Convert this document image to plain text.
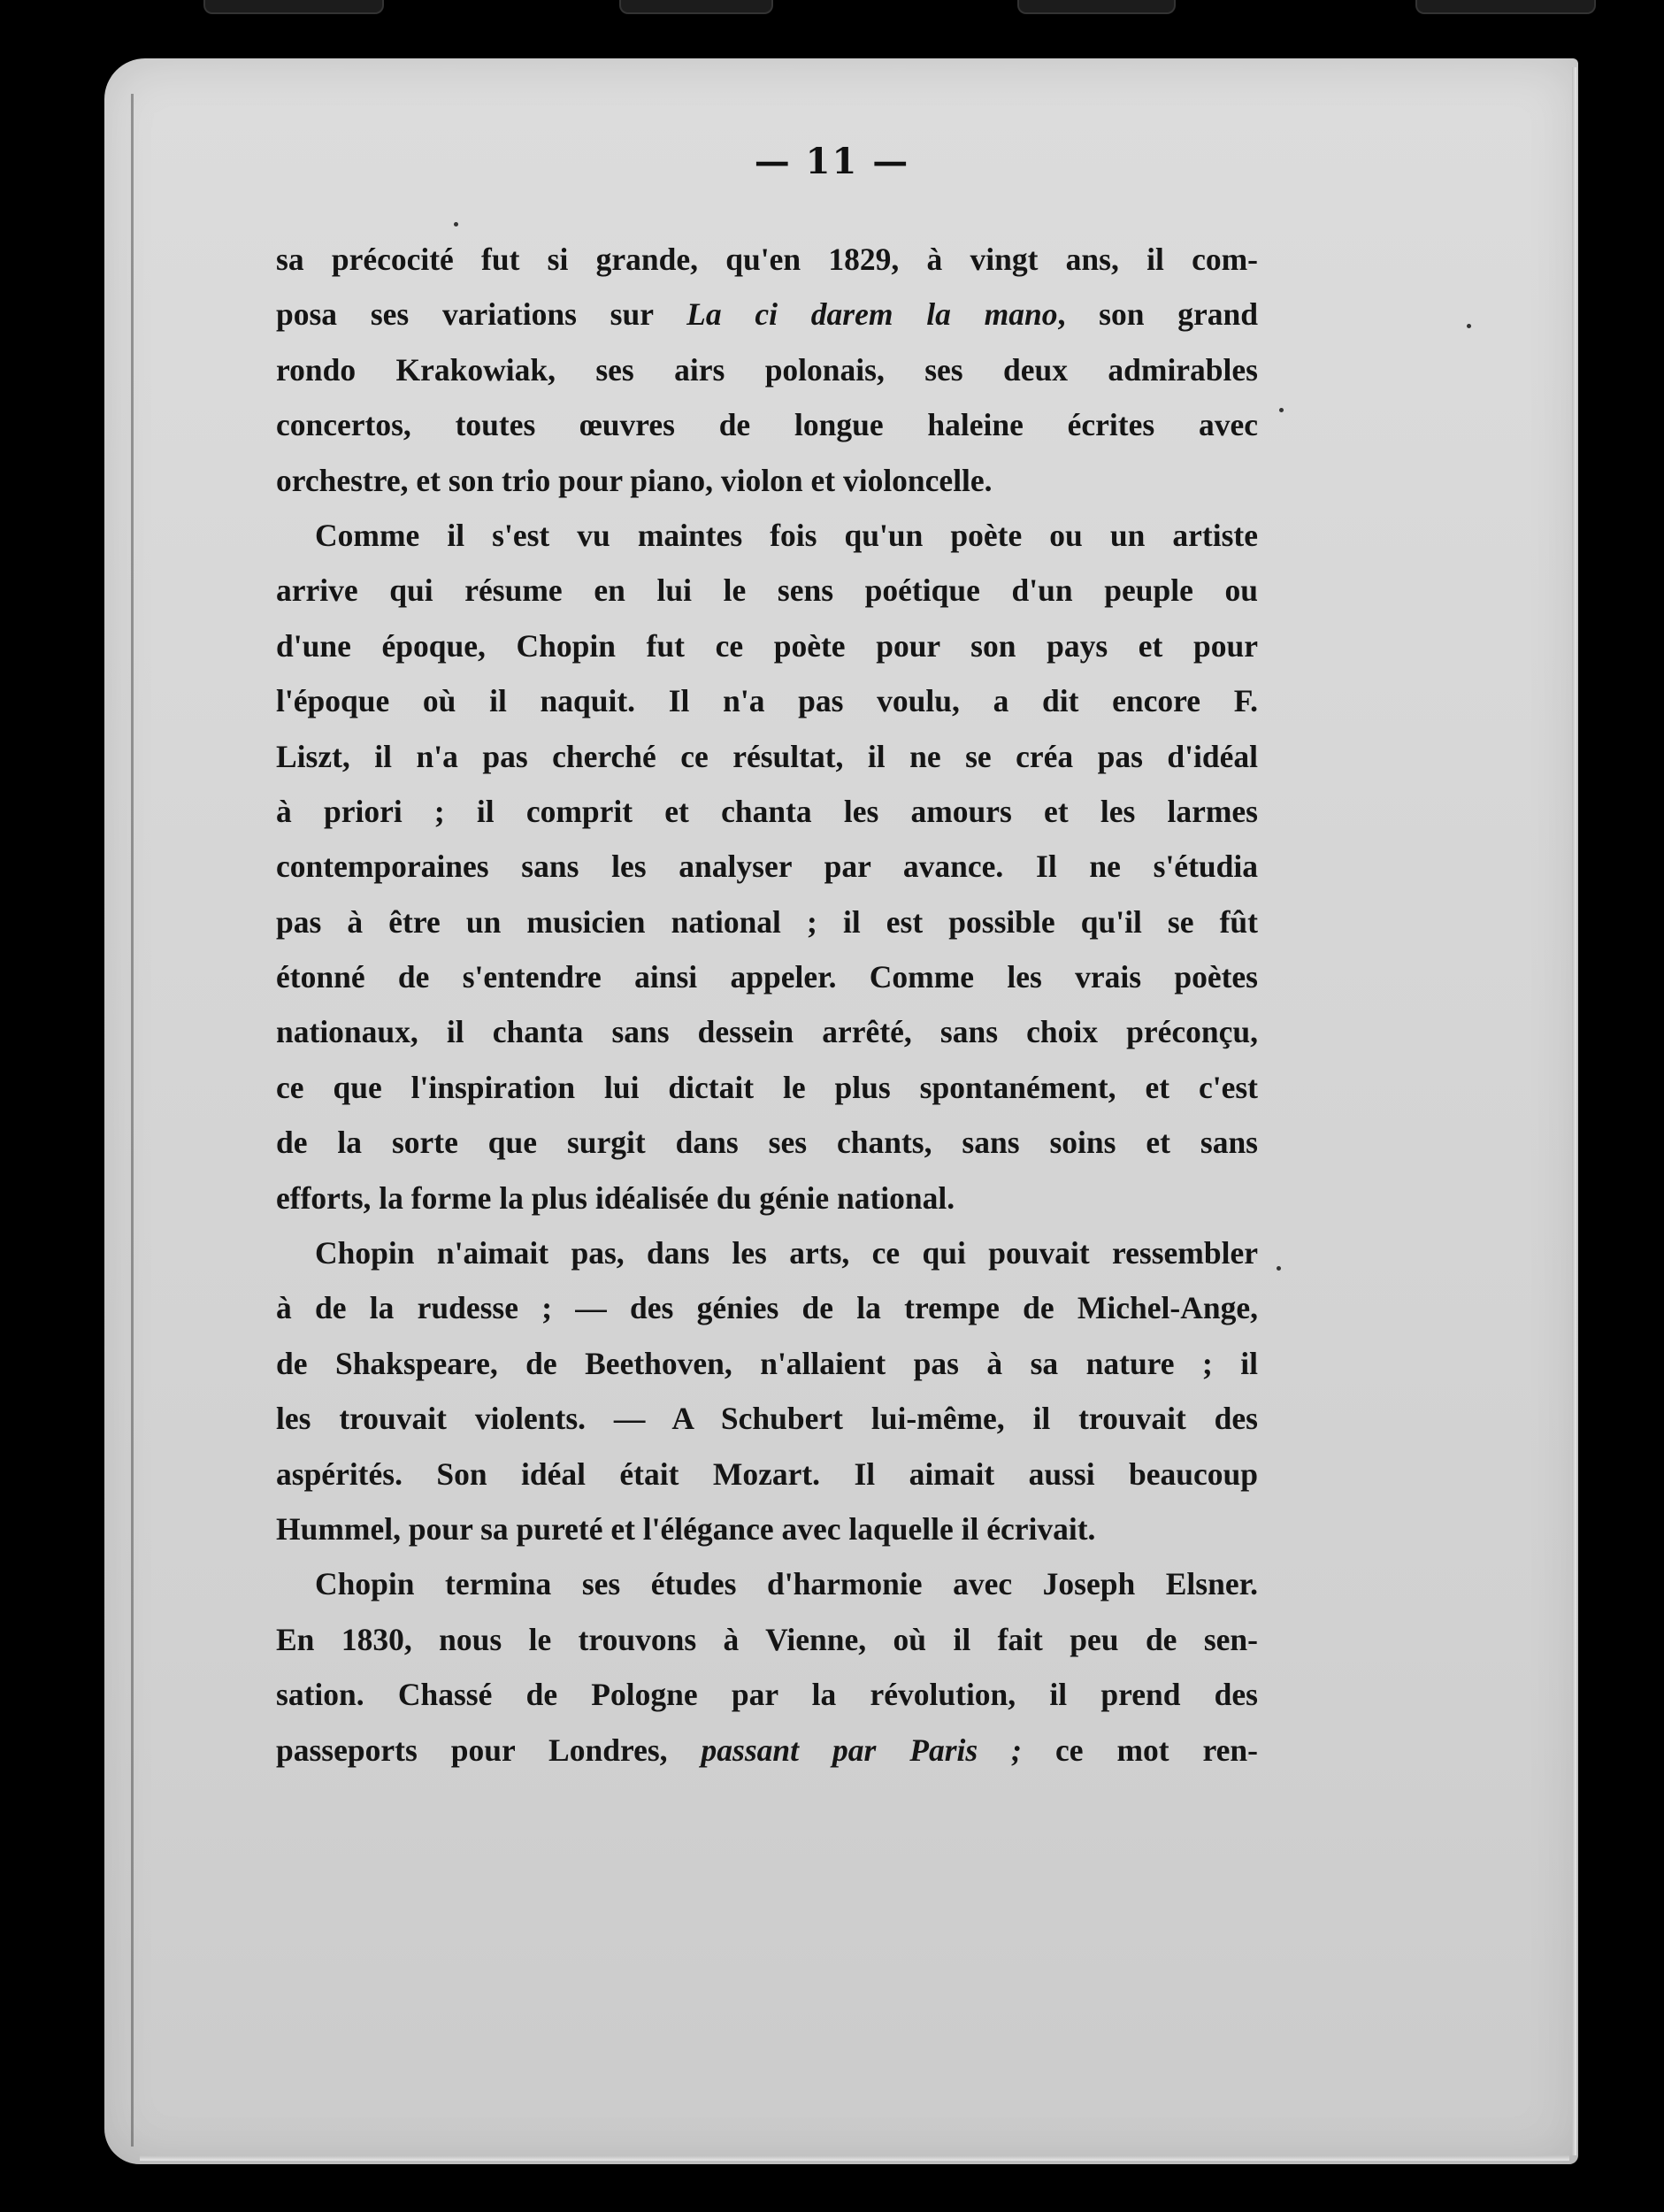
— 11 —
sa précocité fut si grande, qu'en 1829, à vingt ans, il com-
posa ses variations sur La ci darem la mano, son grand
rondo Krakowiak, ses airs polonais, ses deux admirables
concertos, toutes œuvres de longue haleine écrites avec
orchestre, et son trio pour piano, violon et violoncelle.
Comme il s'est vu maintes fois qu'un poète ou un artiste
arrive qui résume en lui le sens poétique d'un peuple ou
d'une époque, Chopin fut ce poète pour son pays et pour
l'époque où il naquit. Il n'a pas voulu, a dit encore F.
Liszt, il n'a pas cherché ce résultat, il ne se créa pas d'idéal
à priori ; il comprit et chanta les amours et les larmes
contemporaines sans les analyser par avance. Il ne s'étudia
pas à être un musicien national ; il est possible qu'il se fût
étonné de s'entendre ainsi appeler. Comme les vrais poètes
nationaux, il chanta sans dessein arrêté, sans choix préconçu,
ce que l'inspiration lui dictait le plus spontanément, et c'est
de la sorte que surgit dans ses chants, sans soins et sans
efforts, la forme la plus idéalisée du génie national.
Chopin n'aimait pas, dans les arts, ce qui pouvait ressembler
à de la rudesse ; — des génies de la trempe de Michel-Ange,
de Shakspeare, de Beethoven, n'allaient pas à sa nature ; il
les trouvait violents. — A Schubert lui-même, il trouvait des
aspérités. Son idéal était Mozart. Il aimait aussi beaucoup
Hummel, pour sa pureté et l'élégance avec laquelle il écrivait.
Chopin termina ses études d'harmonie avec Joseph Elsner.
En 1830, nous le trouvons à Vienne, où il fait peu de sen-
sation. Chassé de Pologne par la révolution, il prend des
passeports pour Londres, passant par Paris ; ce mot ren-
